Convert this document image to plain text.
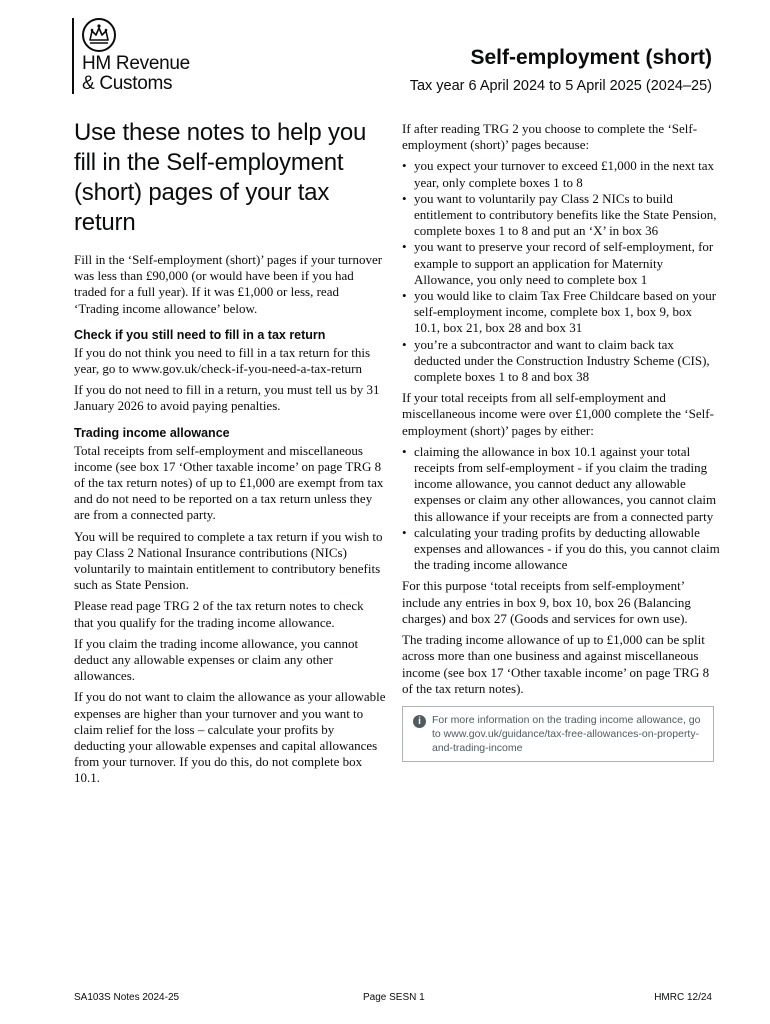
HM Revenue
& Customs
Self-employment (short)
Tax year 6 April 2024 to 5 April 2025 (2024–25)
Use these notes to help you fill in the Self-employment (short) pages of your tax return

Fill in the ‘Self-employment (short)’ pages if your turnover was less than £90,000 (or would have been if you had traded for a full year). If it was £1,000 or less, read ‘Trading income allowance’ below.

Check if you still need to fill in a tax return

If you do not think you need to fill in a tax return for this year, go to www.gov.uk/check-if-you-need-a-tax-return

If you do not need to fill in a return, you must tell us by 31 January 2026 to avoid paying penalties.

Trading income allowance

Total receipts from self-employment and miscellaneous income (see box 17 ‘Other taxable income’ on page TRG 8 of the tax return notes) of up to £1,000 are exempt from tax and do not need to be reported on a tax return unless they are from a connected party.

You will be required to complete a tax return if you wish to pay Class 2 National Insurance contributions (NICs) voluntarily to maintain entitlement to contributory benefits such as State Pension.

Please read page TRG 2 of the tax return notes to check that you qualify for the trading income allowance.

If you claim the trading income allowance, you cannot deduct any allowable expenses or claim any other allowances.

If you do not want to claim the allowance as your allowable expenses are higher than your turnover and you want to claim relief for the loss – calculate your profits by deducting your allowable expenses and capital allowances from your turnover. If you do this, do not complete box 10.1.

If after reading TRG 2 you choose to complete the ‘Self-employment (short)’ pages because:

• you expect your turnover to exceed £1,000 in the next tax year, only complete boxes 1 to 8
• you want to voluntarily pay Class 2 NICs to build entitlement to contributory benefits like the State Pension, complete boxes 1 to 8 and put an ‘X’ in box 36
• you want to preserve your record of self-employment, for example to support an application for Maternity Allowance, you only need to complete box 1
• you would like to claim Tax Free Childcare based on your self-employment income, complete box 1, box 9, box 10.1, box 21, box 28 and box 31
• you’re a subcontractor and want to claim back tax deducted under the Construction Industry Scheme (CIS), complete boxes 1 to 8 and box 38

If your total receipts from all self-employment and miscellaneous income were over £1,000 complete the ‘Self-employment (short)’ pages by either:

• claiming the allowance in box 10.1 against your total receipts from self-employment - if you claim the trading income allowance, you cannot deduct any allowable expenses or claim any other allowances, you cannot claim this allowance if your receipts are from a connected party
• calculating your trading profits by deducting allowable expenses and allowances - if you do this, you cannot claim the trading income allowance

For this purpose ‘total receipts from self-employment’ include any entries in box 9, box 10, box 26 (Balancing charges) and box 27 (Goods and services for own use).

The trading income allowance of up to £1,000 can be split across more than one business and against miscellaneous income (see box 17 ‘Other taxable income’ on page TRG 8 of the tax return notes).

i	For more information on the trading income allowance, go to www.gov.uk/guidance/tax-free-allowances-on-property-and-trading-income
SA103S Notes 2024-25	Page SESN 1	HMRC 12/24
